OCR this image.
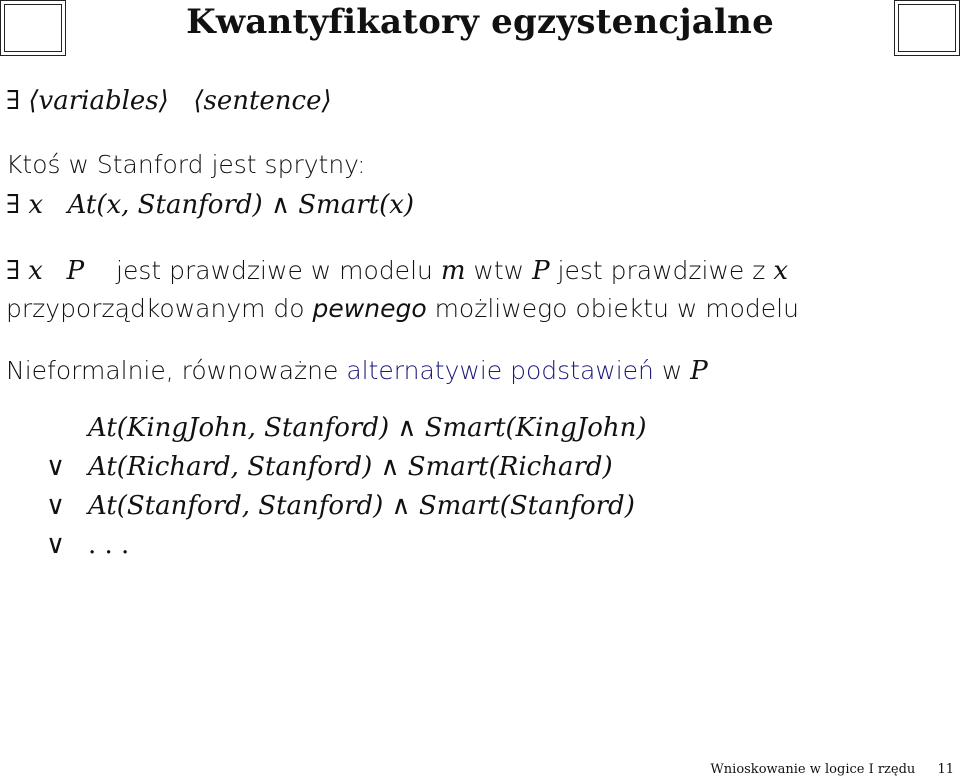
Kwantyfikatory egzystencjalne
∃ ⟨variables⟩ ⟨sentence⟩
Ktoś w Stanford jest sprytny:
∃ x At(x, Stanford) ∧ Smart(x)
∃ x P jest prawdziwe w modelu m wtw P jest prawdziwe z x
przyporządkowanym do pewnego możliwego obiektu w modelu
Nieformalnie, równoważne alternatywie podstawień w P
At(KingJohn, Stanford) ∧ Smart(KingJohn)
∨ At(Richard, Stanford) ∧ Smart(Richard)
∨ At(Stanford, Stanford) ∧ Smart(Stanford)
∨ . . .
Wnioskowanie w logice I rzędu 11
